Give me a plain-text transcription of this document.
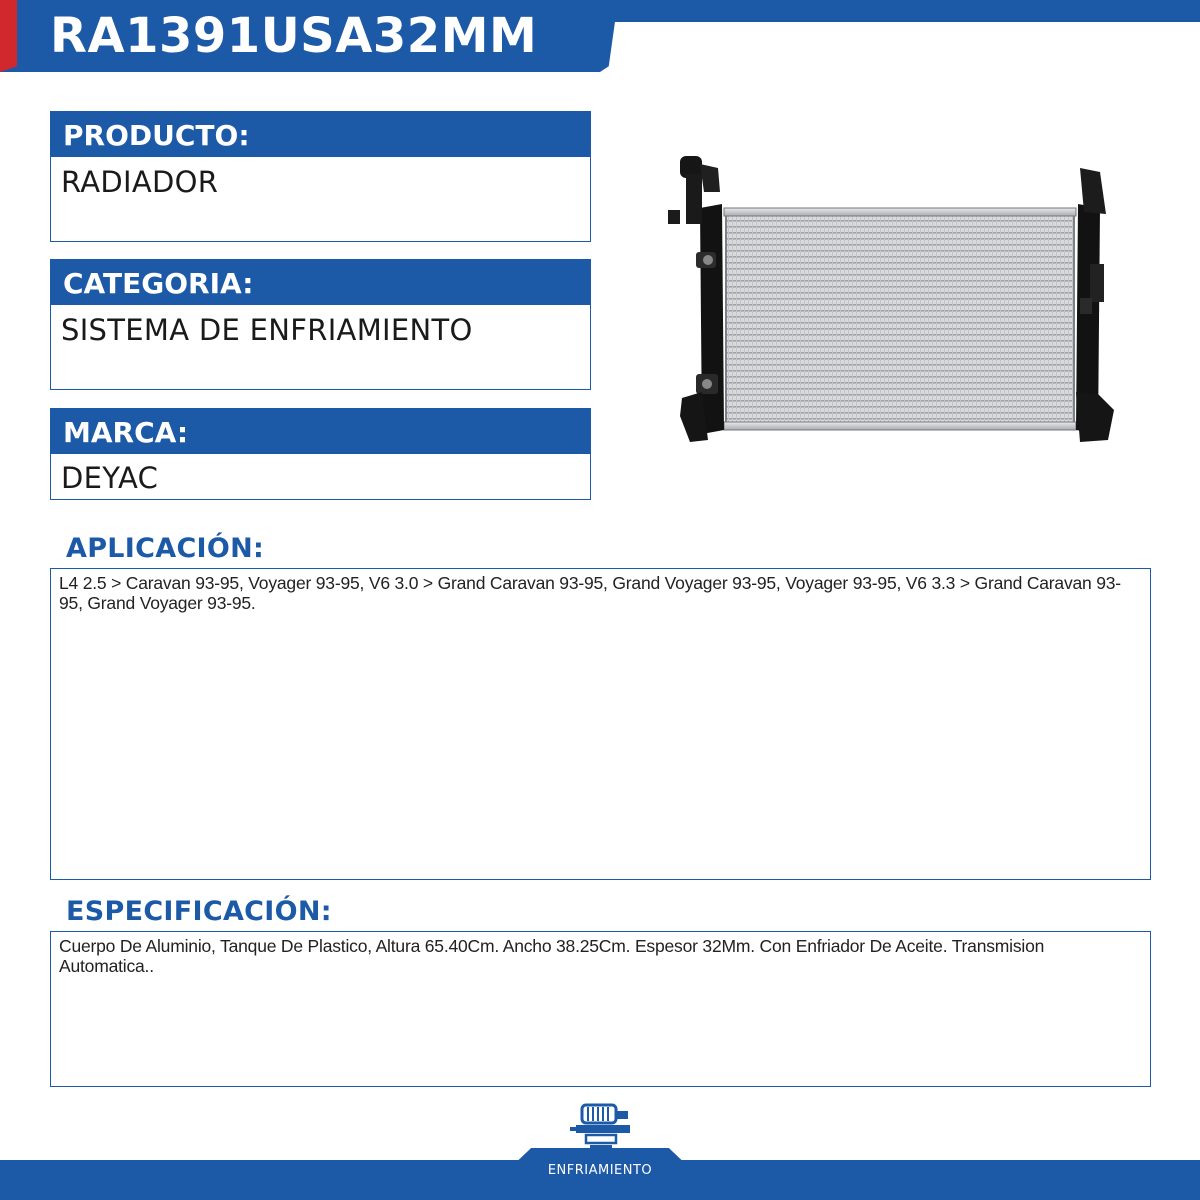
RA1391USA32MM
PRODUCTO:
RADIADOR
CATEGORIA:
SISTEMA DE ENFRIAMIENTO
MARCA:
DEYAC
APLICACIÓN:
L4 2.5 > Caravan 93-95, Voyager 93-95, V6 3.0 > Grand Caravan 93-95, Grand Voyager 93-95, Voyager 93-95, V6 3.3 > Grand Caravan 93-95, Grand Voyager 93-95.
ESPECIFICACIÓN:
Cuerpo De Aluminio, Tanque De Plastico, Altura 65.40Cm. Ancho 38.25Cm. Espesor 32Mm. Con Enfriador De Aceite. Transmision Automatica..
ENFRIAMIENTO
